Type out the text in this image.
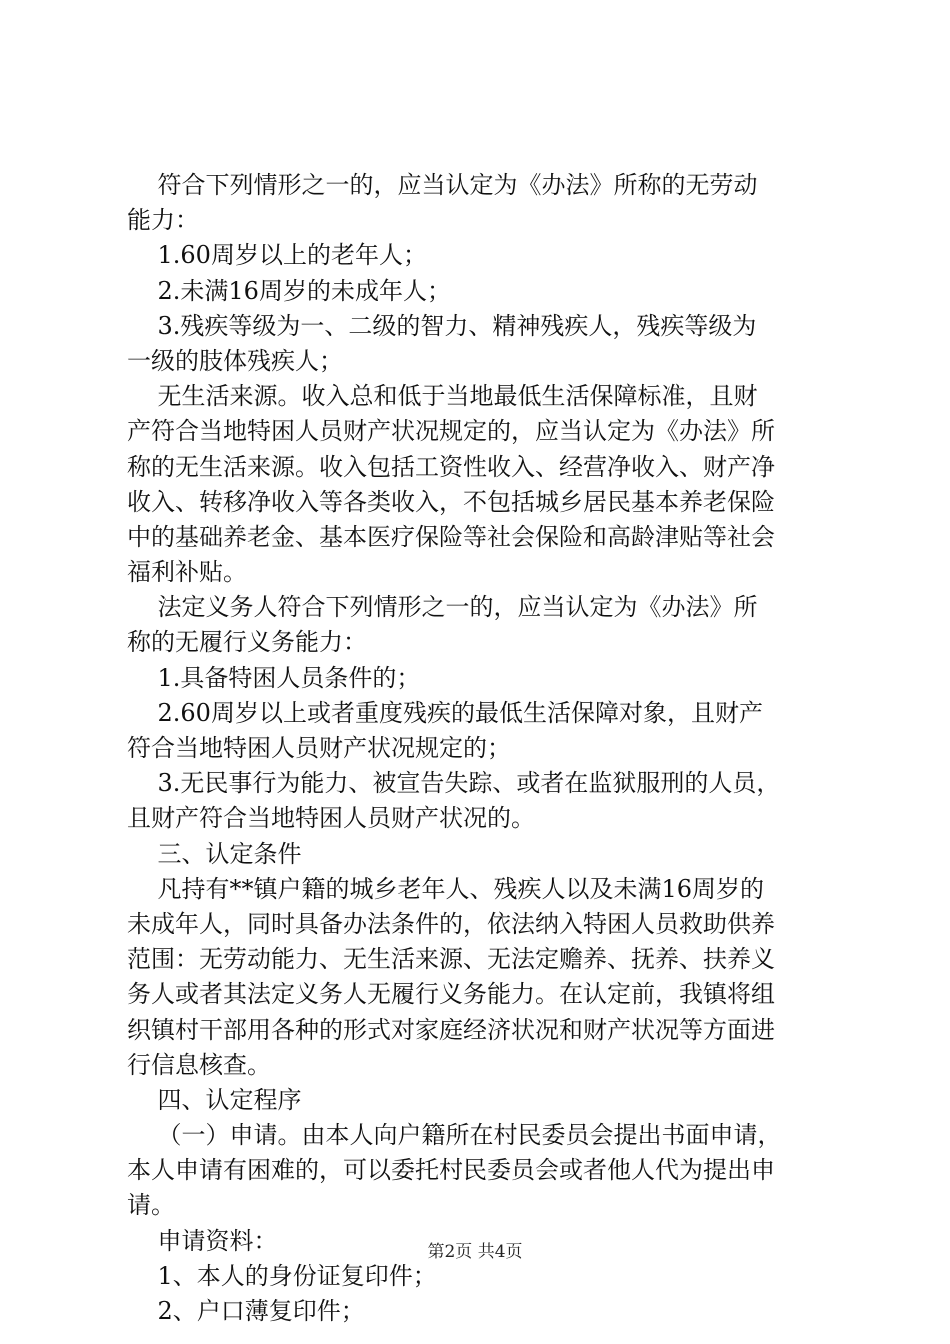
符合下列情形之一的，应当认定为《办法》所称的无劳动
能力：
1.60周岁以上的老年人；
2.未满16周岁的未成年人；
3.残疾等级为一、二级的智力、精神残疾人，残疾等级为
一级的肢体残疾人；
无生活来源。收入总和低于当地最低生活保障标准，且财
产符合当地特困人员财产状况规定的，应当认定为《办法》所
称的无生活来源。收入包括工资性收入、经营净收入、财产净
收入、转移净收入等各类收入，不包括城乡居民基本养老保险
中的基础养老金、基本医疗保险等社会保险和高龄津贴等社会
福利补贴。
法定义务人符合下列情形之一的，应当认定为《办法》所
称的无履行义务能力：
1.具备特困人员条件的；
2.60周岁以上或者重度残疾的最低生活保障对象，且财产
符合当地特困人员财产状况规定的；
3.无民事行为能力、被宣告失踪、或者在监狱服刑的人员，
且财产符合当地特困人员财产状况的。
三、认定条件
凡持有**镇户籍的城乡老年人、残疾人以及未满16周岁的
未成年人，同时具备办法条件的，依法纳入特困人员救助供养
范围：无劳动能力、无生活来源、无法定赡养、抚养、扶养义
务人或者其法定义务人无履行义务能力。在认定前，我镇将组
织镇村干部用各种的形式对家庭经济状况和财产状况等方面进
行信息核查。
四、认定程序
（一）申请。由本人向户籍所在村民委员会提出书面申请，
本人申请有困难的，可以委托村民委员会或者他人代为提出申
请。
申请资料：
1、本人的身份证复印件；
2、户口薄复印件；
第2页 共4页
